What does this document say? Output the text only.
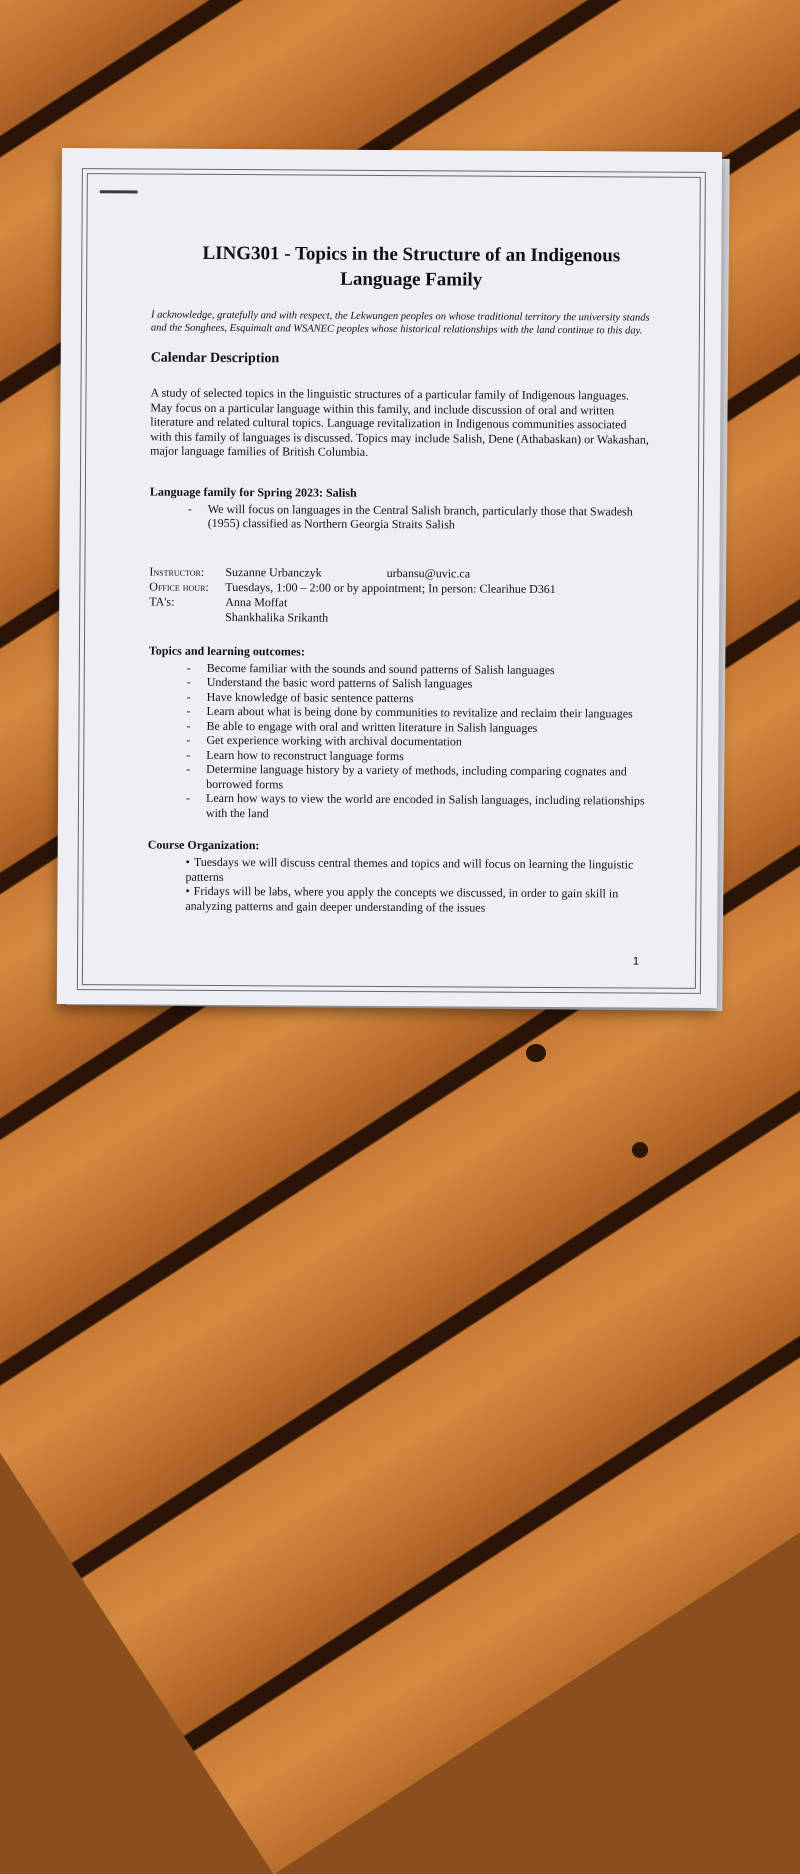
LING301 - Topics in the Structure of an Indigenous
Language Family

I acknowledge, gratefully and with respect, the Lekwungen peoples on whose traditional territory the university stands and the Songhees, Esquimalt and WSANEC peoples whose historical relationships with the land continue to this day.

Calendar Description

A study of selected topics in the linguistic structures of a particular family of Indigenous languages. May focus on a particular language within this family, and include discussion of oral and written literature and related cultural topics. Language revitalization in Indigenous communities associated with this family of languages is discussed. Topics may include Salish, Dene (Athabaskan) or Wakashan, major language families of British Columbia.

Language family for Spring 2023: Salish
- We will focus on languages in the Central Salish branch, particularly those that Swadesh (1955) classified as Northern Georgia Straits Salish
Instructor:	Suzanne Urbanczyk	urbansu@uvic.ca
Office hour:	Tuesdays, 1:00 – 2:00 or by appointment; In person: Clearihue D361
TA's:	Anna Moffat
Shankhalika Srikanth
Topics and learning outcomes:
- Become familiar with the sounds and sound patterns of Salish languages
- Understand the basic word patterns of Salish languages
- Have knowledge of basic sentence patterns
- Learn about what is being done by communities to revitalize and reclaim their languages
- Be able to engage with oral and written literature in Salish languages
- Get experience working with archival documentation
- Learn how to reconstruct language forms
- Determine language history by a variety of methods, including comparing cognates and borrowed forms
- Learn how ways to view the world are encoded in Salish languages, including relationships with the land
Course Organization:
• Tuesdays we will discuss central themes and topics and will focus on learning the linguistic patterns
• Fridays will be labs, where you apply the concepts we discussed, in order to gain skill in analyzing patterns and gain deeper understanding of the issues
1
